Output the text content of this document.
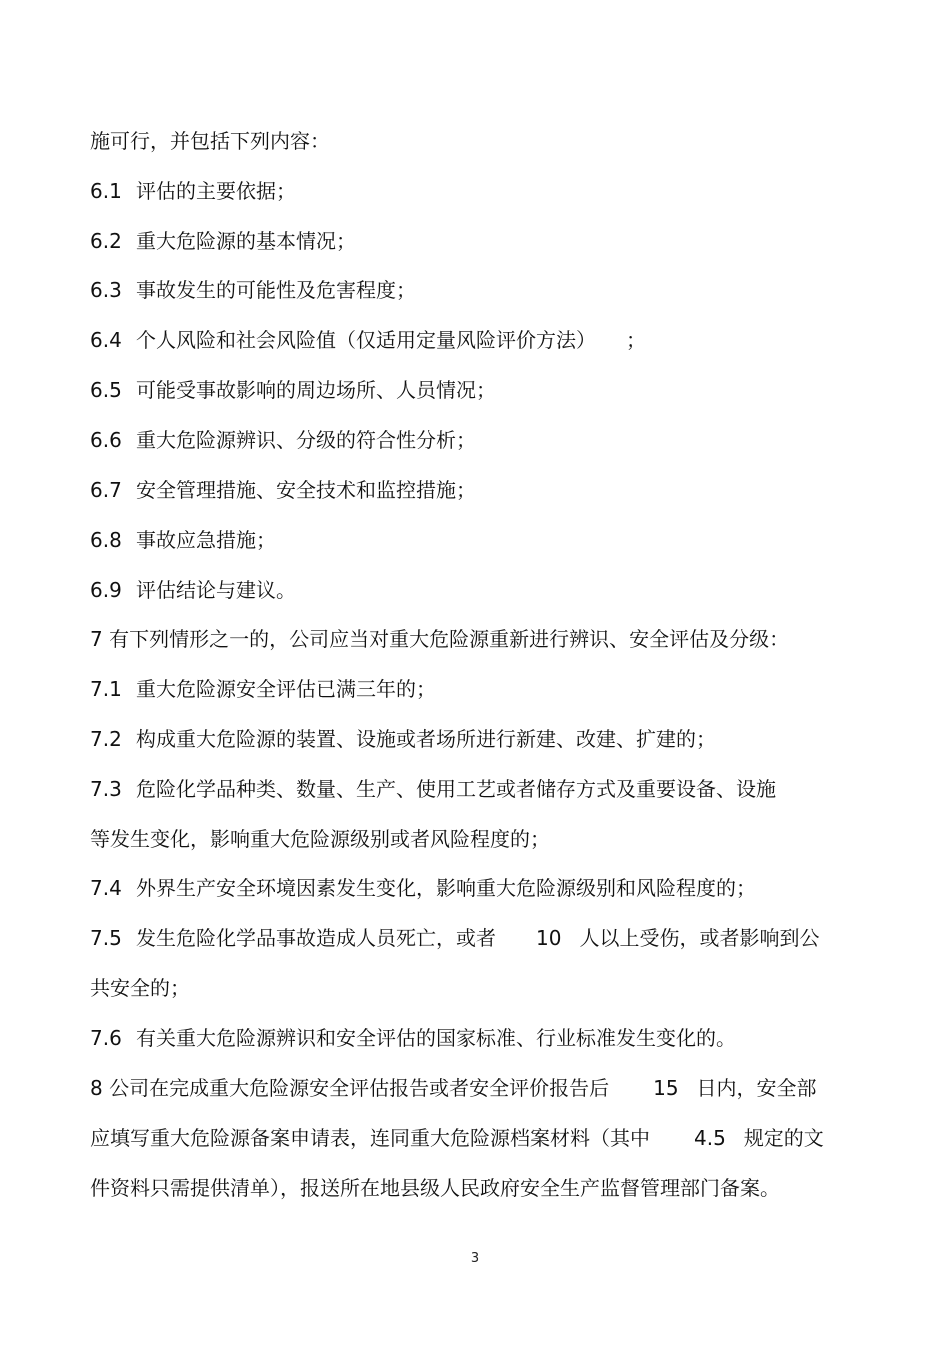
施可行，并包括下列内容：
6.1 评估的主要依据；
6.2 重大危险源的基本情况；
6.3 事故发生的可能性及危害程度；
6.4 个人风险和社会风险值（仅适用定量风险评价方法） ；
6.5 可能受事故影响的周边场所、人员情况；
6.6 重大危险源辨识、分级的符合性分析；
6.7 安全管理措施、安全技术和监控措施；
6.8 事故应急措施；
6.9 评估结论与建议。
7 有下列情形之一的，公司应当对重大危险源重新进行辨识、安全评估及分级：
7.1 重大危险源安全评估已满三年的；
7.2 构成重大危险源的装置、设施或者场所进行新建、改建、扩建的；
7.3 危险化学品种类、数量、生产、使用工艺或者储存方式及重要设备、设施
等发生变化，影响重大危险源级别或者风险程度的；
7.4 外界生产安全环境因素发生变化，影响重大危险源级别和风险程度的；
7.5 发生危险化学品事故造成人员死亡，或者 10 人以上受伤，或者影响到公
共安全的；
7.6 有关重大危险源辨识和安全评估的国家标准、行业标准发生变化的。
8 公司在完成重大危险源安全评估报告或者安全评价报告后 15 日内，安全部
应填写重大危险源备案申请表，连同重大危险源档案材料（其中 4.5 规定的文
件资料只需提供清单），报送所在地县级人民政府安全生产监督管理部门备案。
3
